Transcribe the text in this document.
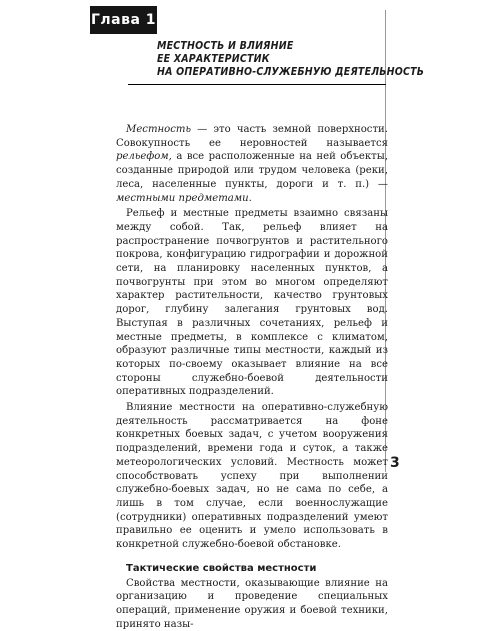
Глава 1
МЕСТНОСТЬ И ВЛИЯНИЕ
ЕЕ ХАРАКТЕРИСТИК
НА ОПЕРАТИВНО-СЛУЖЕБНУЮ ДЕЯТЕЛЬНОСТЬ

Местность — это часть земной поверхности. Совокупность ее неровностей называется рельефом, а все расположенные на ней объекты, созданные природой или трудом человека (реки, леса, населенные пункты, дороги и т. п.) — местными предметами.

Рельеф и местные предметы взаимно связаны между собой. Так, рельеф влияет на распространение почвогрунтов и растительного покрова, конфигурацию гидрографии и дорожной сети, на планировку населенных пунктов, а почвогрунты при этом во многом определяют характер растительности, качество грунтовых дорог, глубину залегания грунтовых вод. Выступая в различных сочетаниях, рельеф и местные предметы, в комплексе с климатом, образуют различные типы местности, каждый из которых по-своему оказывает влияние на все стороны служебно-боевой деятельности оперативных подразделений.

Влияние местности на оперативно-служебную деятельность рассматривается на фоне конкретных боевых задач, с учетом вооружения подразделений, времени года и суток, а также метеорологических условий. Местность может способствовать успеху при выполнении служебно-боевых задач, но не сама по себе, а лишь в том случае, если военнослужащие (сотрудники) оперативных подразделений умеют правильно ее оценить и умело использовать в конкретной служебно-боевой обстановке.

Тактические свойства местности

Свойства местности, оказывающие влияние на организацию и проведение специальных операций, применение оружия и боевой техники, принято назы-

3
